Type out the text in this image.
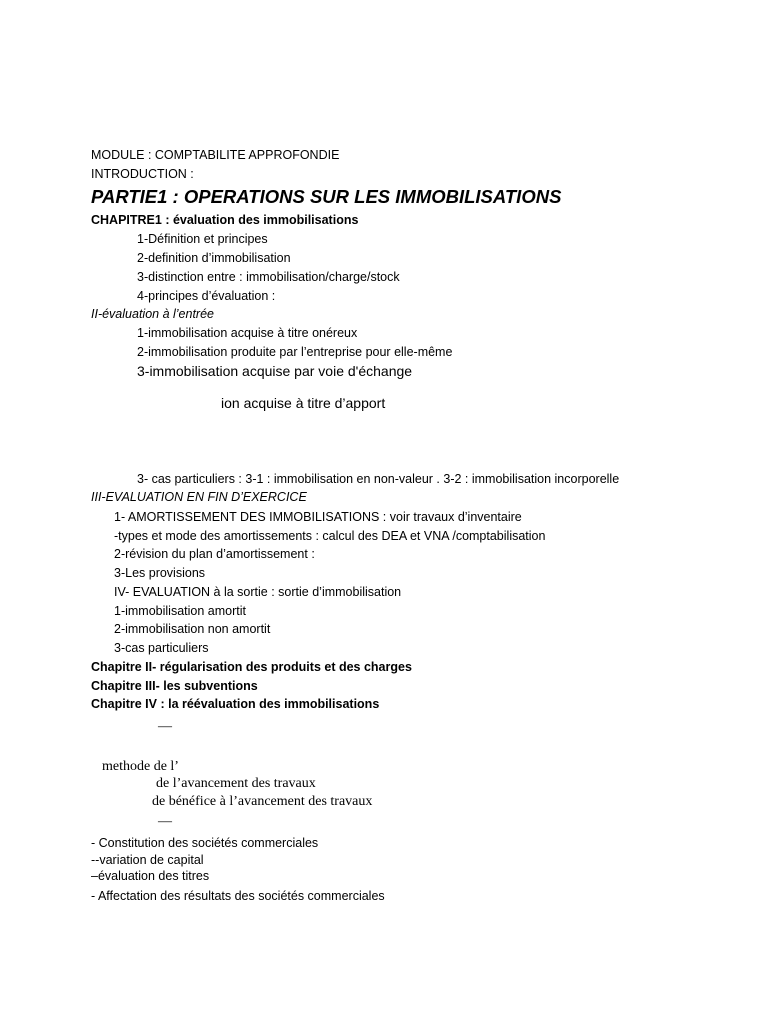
MODULE : COMPTABILITE APPROFONDIE
INTRODUCTION :
PARTIE1 : OPERATIONS SUR LES IMMOBILISATIONS
CHAPITRE1 : évaluation des immobilisations
1-Définition et principes
2-definition d’immobilisation
3-distinction entre : immobilisation/charge/stock
4-principes d’évaluation :
II-évaluation à l’entrée
1-immobilisation acquise à titre onéreux
2-immobilisation produite par l’entreprise pour elle-même
3-immobilisation acquise par voie d'échange
ion acquise à titre d’apport
3- cas particuliers : 3-1 : immobilisation en non-valeur . 3-2 : immobilisation incorporelle
III-EVALUATION EN FIN D’EXERCICE
1- AMORTISSEMENT DES IMMOBILISATIONS : voir travaux d’inventaire
-types et mode des amortissements : calcul des DEA et VNA /comptabilisation
2-révision du plan d’amortissement :
3-Les provisions
IV- EVALUATION à la sortie : sortie d’immobilisation
1-immobilisation amortit
2-immobilisation non amortit
3-cas particuliers
Chapitre II- régularisation des produits et des charges
Chapitre III- les subventions
Chapitre IV : la réévaluation des immobilisations
—
methode de l’
de l’avancement des travaux
de bénéfice à l’avancement des travaux
—
- Constitution des sociétés commerciales
--variation de capital
–évaluation des titres
- Affectation des résultats des sociétés commerciales
